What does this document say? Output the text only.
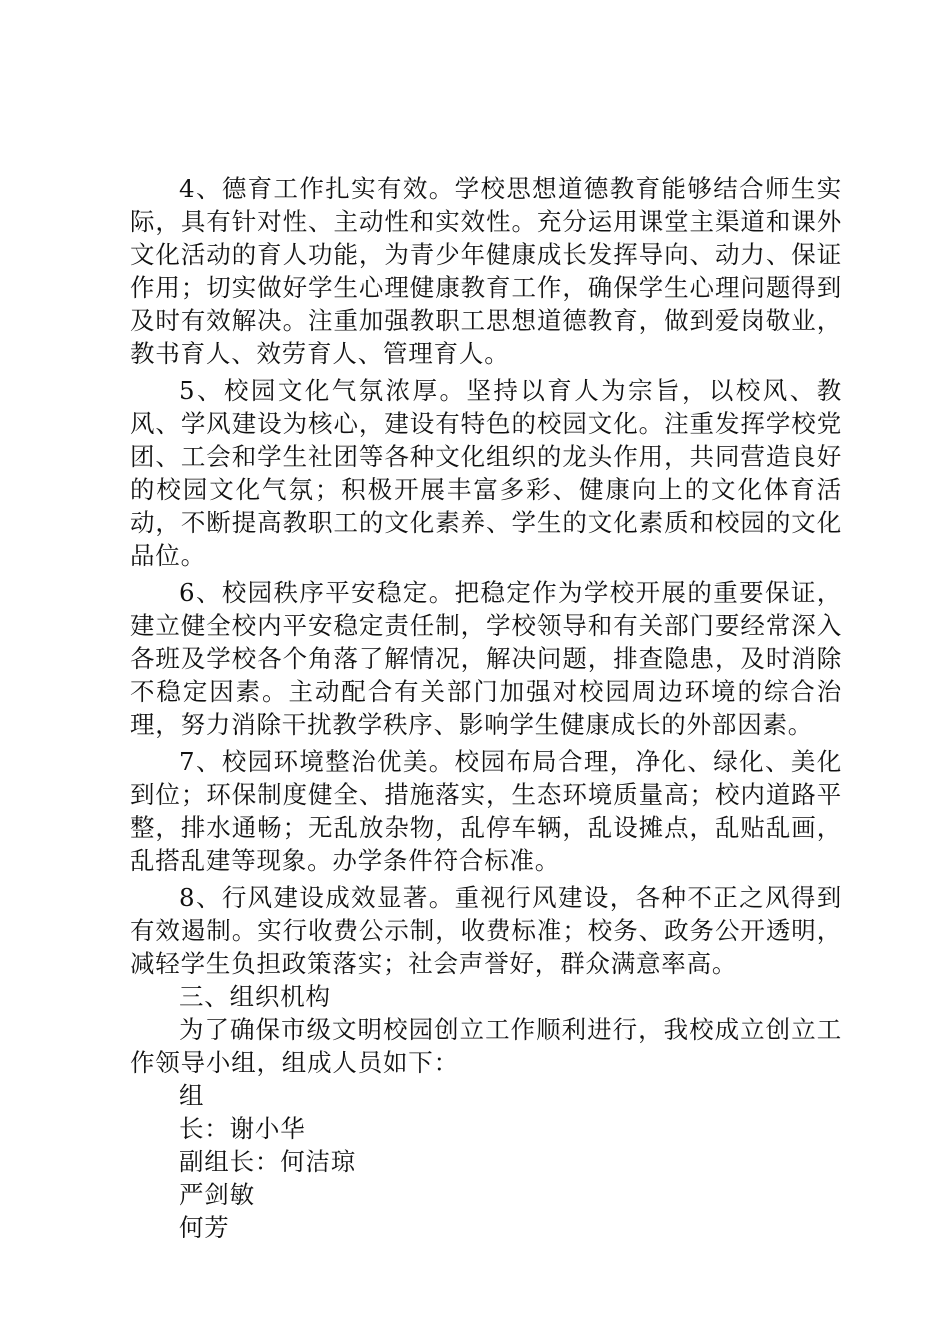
4、德育工作扎实有效。学校思想道德教育能够结合师生实际，具有针对性、主动性和实效性。充分运用课堂主渠道和课外文化活动的育人功能，为青少年健康成长发挥导向、动力、保证作用；切实做好学生心理健康教育工作，确保学生心理问题得到及时有效解决。注重加强教职工思想道德教育，做到爱岗敬业，教书育人、效劳育人、管理育人。

5、校园文化气氛浓厚。坚持以育人为宗旨，以校风、教风、学风建设为核心，建设有特色的校园文化。注重发挥学校党团、工会和学生社团等各种文化组织的龙头作用，共同营造良好的校园文化气氛；积极开展丰富多彩、健康向上的文化体育活动，不断提高教职工的文化素养、学生的文化素质和校园的文化品位。

6、校园秩序平安稳定。把稳定作为学校开展的重要保证，建立健全校内平安稳定责任制，学校领导和有关部门要经常深入各班及学校各个角落了解情况，解决问题，排查隐患，及时消除不稳定因素。主动配合有关部门加强对校园周边环境的综合治理，努力消除干扰教学秩序、影响学生健康成长的外部因素。

7、校园环境整治优美。校园布局合理，净化、绿化、美化到位；环保制度健全、措施落实，生态环境质量高；校内道路平整，排水通畅；无乱放杂物，乱停车辆，乱设摊点，乱贴乱画，乱搭乱建等现象。办学条件符合标准。

8、行风建设成效显著。重视行风建设，各种不正之风得到有效遏制。实行收费公示制，收费标准；校务、政务公开透明，减轻学生负担政策落实；社会声誉好，群众满意率高。

三、组织机构

为了确保市级文明校园创立工作顺利进行，我校成立创立工作领导小组，组成人员如下：

组

长：谢小华

副组长：何洁琼

严剑敏

何芳
